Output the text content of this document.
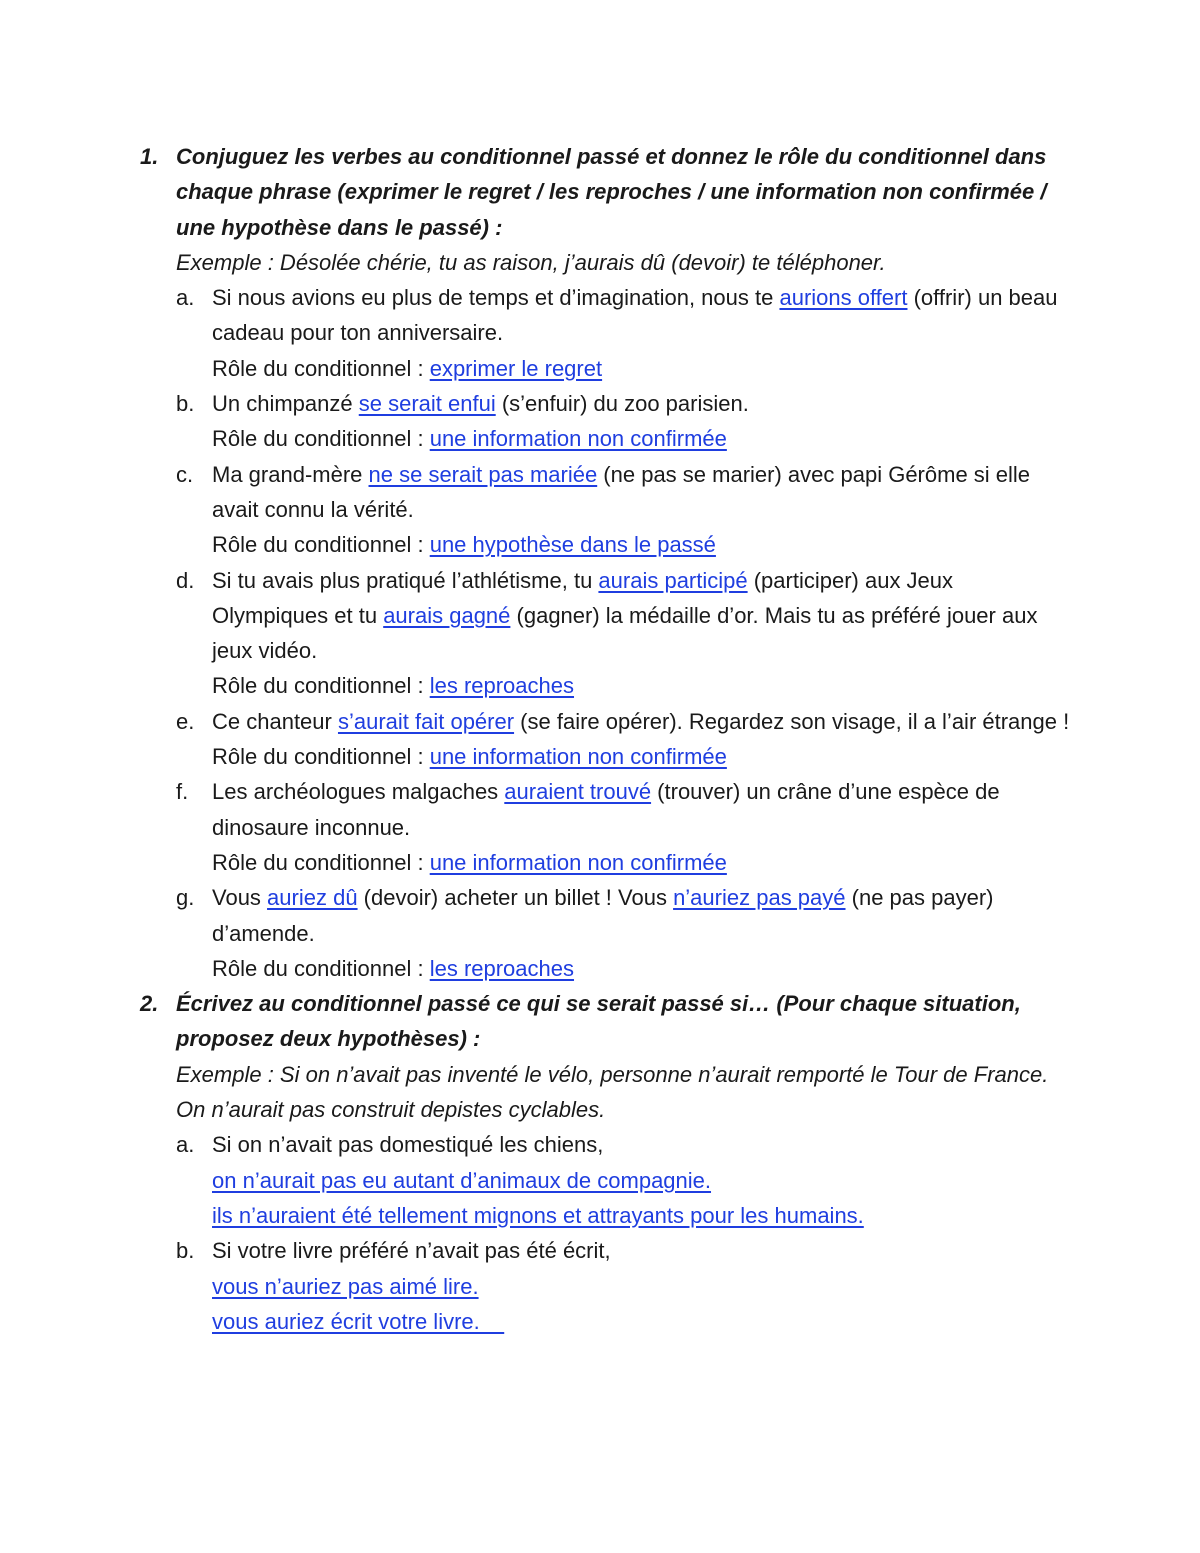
1. Conjuguez les verbes au conditionnel passé et donnez le rôle du conditionnel dans chaque phrase (exprimer le regret / les reproches / une information non confirmée / une hypothèse dans le passé) :
Exemple : Désolée chérie, tu as raison, j’aurais dû (devoir) te téléphoner.
a. Si nous avions eu plus de temps et d’imagination, nous te aurions offert (offrir) un beau cadeau pour ton anniversaire.
Rôle du conditionnel : exprimer le regret
b. Un chimpanzé se serait enfui (s’enfuir) du zoo parisien.
Rôle du conditionnel : une information non confirmée
c. Ma grand-mère ne se serait pas mariée (ne pas se marier) avec papi Gérôme si elle avait connu la vérité.
Rôle du conditionnel : une hypothèse dans le passé
d. Si tu avais plus pratiqué l’athlétisme, tu aurais participé (participer) aux Jeux Olympiques et tu aurais gagné (gagner) la médaille d’or. Mais tu as préféré jouer aux jeux vidéo.
Rôle du conditionnel : les reproaches
e. Ce chanteur s’aurait fait opérer (se faire opérer). Regardez son visage, il a l’air étrange !
Rôle du conditionnel : une information non confirmée
f. Les archéologues malgaches auraient trouvé (trouver) un crâne d’une espèce de dinosaure inconnue.
Rôle du conditionnel : une information non confirmée
g. Vous auriez dû (devoir) acheter un billet ! Vous n’auriez pas payé (ne pas payer) d’amende.
Rôle du conditionnel : les reproaches
2. Écrivez au conditionnel passé ce qui se serait passé si… (Pour chaque situation, proposez deux hypothèses) :
Exemple : Si on n’avait pas inventé le vélo, personne n’aurait remporté le Tour de France. On n’aurait pas construit depistes cyclables.
a. Si on n’avait pas domestiqué les chiens,
on n’aurait pas eu autant d’animaux de compagnie.
ils n’auraient été tellement mignons et attrayants pour les humains.
b. Si votre livre préféré n’avait pas été écrit,
vous n’auriez pas aimé lire.
vous auriez écrit votre livre.
